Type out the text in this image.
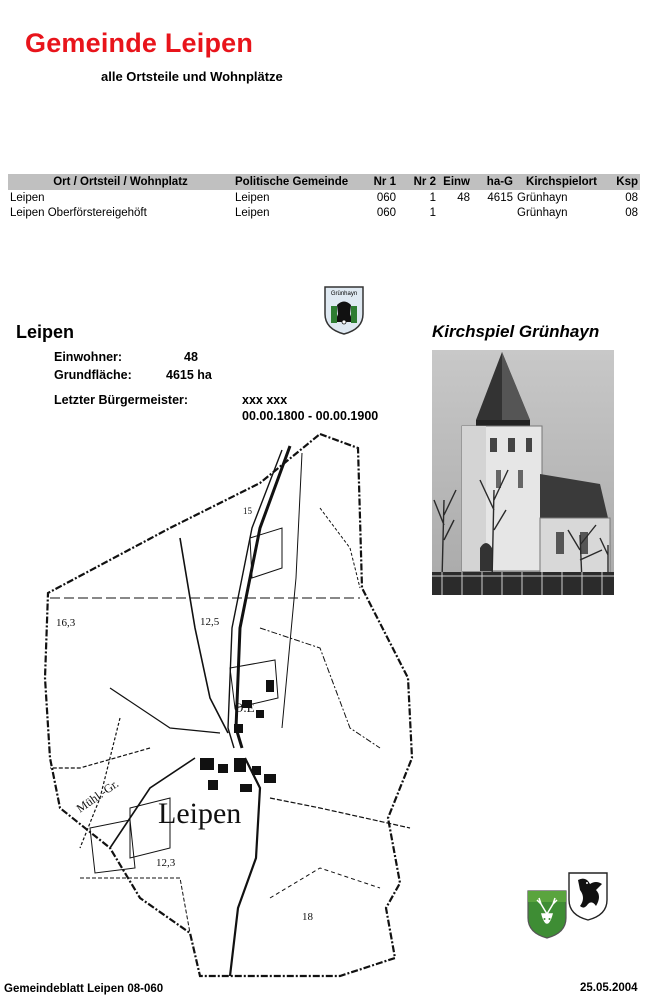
Gemeinde Leipen
alle Ortsteile und Wohnplätze
Ort / Ortsteil / Wohnplatz	Politische Gemeinde	Nr 1	Nr 2	Einw	ha-G	Kirchspielort	Ksp
Leipen	Leipen	060	1	48	4615	Grünhayn	08
Leipen Oberförstereigehöft	Leipen	060	1			Grünhayn	08
Grünhayn
Leipen	Kirchspiel Grünhayn
Einwohner:	48
Grundfläche:	4615 ha
Letzter Bürgermeister:	xxx xxx
00.00.1800 - 00.00.1900
Leipen
Mühl.-Gr.
O.E
16,3	12,5
12,3
18
15
Gemeindeblatt Leipen 08-060	25.05.2004
